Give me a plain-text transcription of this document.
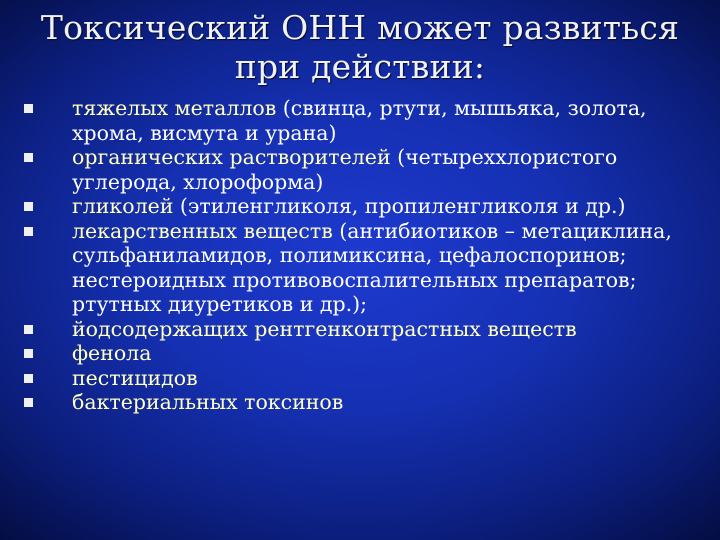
Токсический ОНН может развиться
при действии:
тяжелых металлов (свинца, ртути, мышьяка, золота, хрома, висмута и урана)
органических растворителей (четыреххлористого углерода, хлороформа)
гликолей (этиленгликоля, пропиленгликоля и др.)
лекарственных веществ (антибиотиков – метациклина, сульфаниламидов, полимиксина, цефалоспоринов; нестероидных противовоспалительных препаратов; ртутных диуретиков и др.);
йодсодержащих рентгенконтрастных веществ
фенола
пестицидов
бактериальных токсинов
